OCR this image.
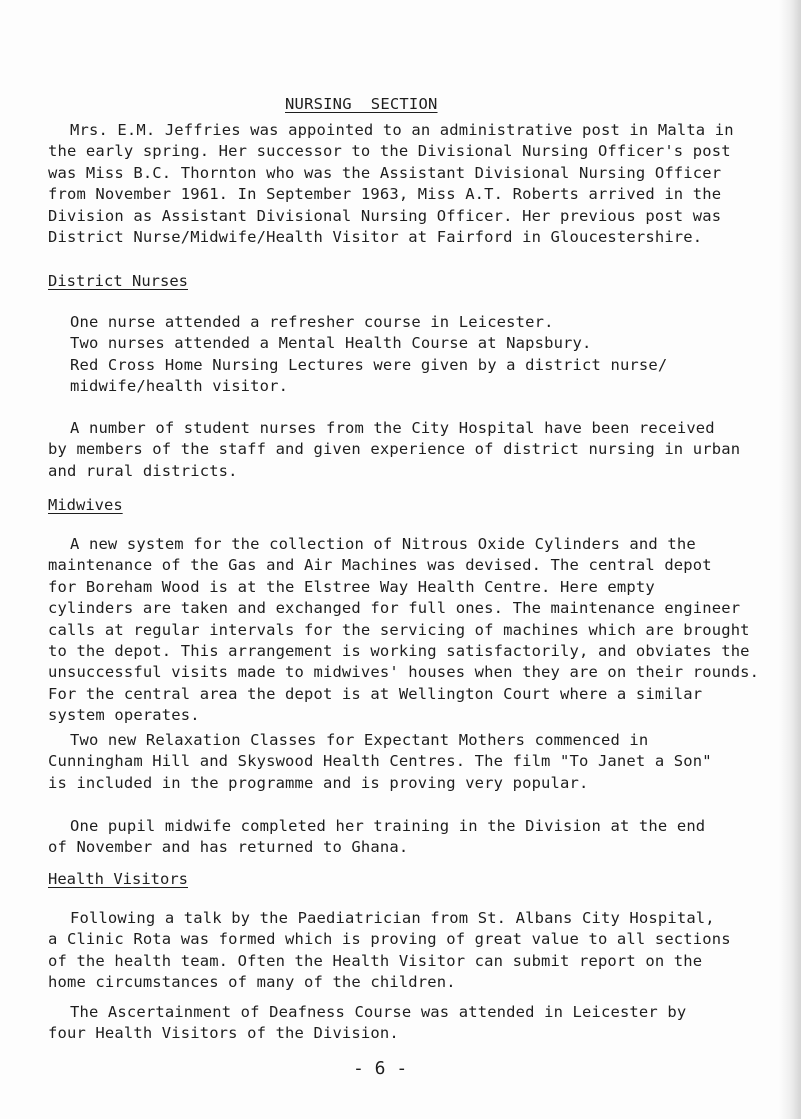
NURSING  SECTION
Mrs. E.M. Jeffries was appointed to an administrative post in Malta in
the early spring. Her successor to the Divisional Nursing Officer's post
was Miss B.C. Thornton who was the Assistant Divisional Nursing Officer
from November 1961. In September 1963, Miss A.T. Roberts arrived in the
Division as Assistant Divisional Nursing Officer. Her previous post was
District Nurse/Midwife/Health Visitor at Fairford in Gloucestershire.
District Nurses
One nurse attended a refresher course in Leicester.
Two nurses attended a Mental Health Course at Napsbury.
Red Cross Home Nursing Lectures were given by a district nurse/
midwife/health visitor.
A number of student nurses from the City Hospital have been received
by members of the staff and given experience of district nursing in urban
and rural districts.
Midwives
A new system for the collection of Nitrous Oxide Cylinders and the
maintenance of the Gas and Air Machines was devised. The central depot
for Boreham Wood is at the Elstree Way Health Centre. Here empty
cylinders are taken and exchanged for full ones. The maintenance engineer
calls at regular intervals for the servicing of machines which are brought
to the depot. This arrangement is working satisfactorily, and obviates the
unsuccessful visits made to midwives' houses when they are on their rounds.
For the central area the depot is at Wellington Court where a similar
system operates.
Two new Relaxation Classes for Expectant Mothers commenced in
Cunningham Hill and Skyswood Health Centres. The film "To Janet a Son"
is included in the programme and is proving very popular.
One pupil midwife completed her training in the Division at the end
of November and has returned to Ghana.
Health Visitors
Following a talk by the Paediatrician from St. Albans City Hospital,
a Clinic Rota was formed which is proving of great value to all sections
of the health team. Often the Health Visitor can submit report on the
home circumstances of many of the children.
The Ascertainment of Deafness Course was attended in Leicester by
four Health Visitors of the Division.
- 6 -
